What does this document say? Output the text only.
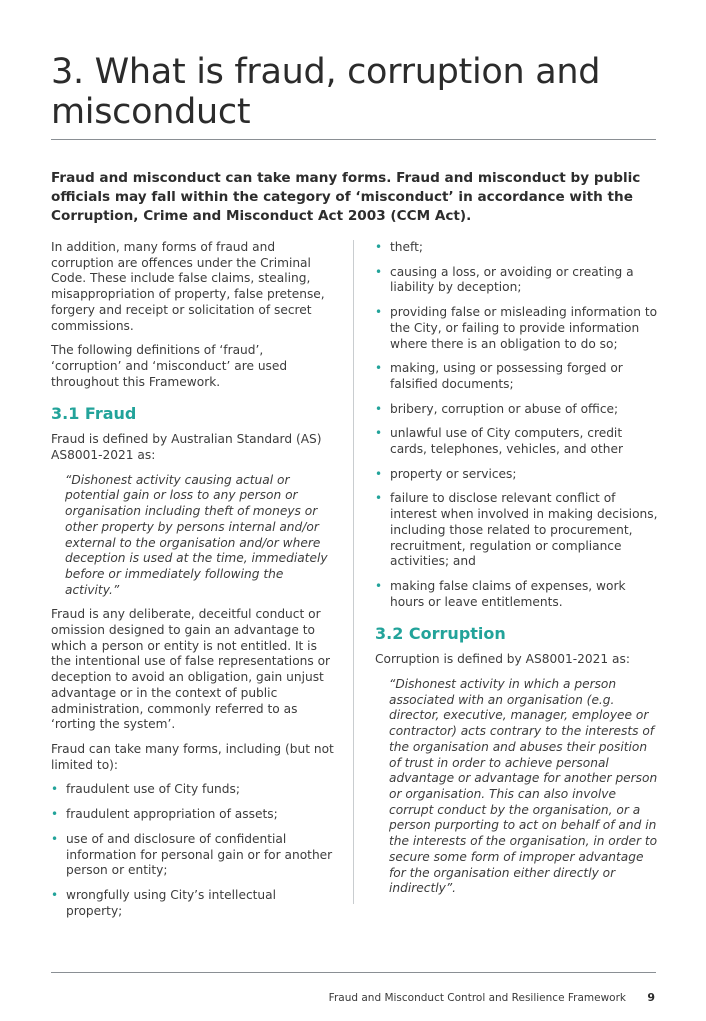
3. What is fraud, corruption and misconduct

Fraud and misconduct can take many forms. Fraud and misconduct by public officials may fall within the category of ‘misconduct’ in accordance with the Corruption, Crime and Misconduct Act 2003 (CCM Act).

In addition, many forms of fraud and corruption are offences under the Criminal Code. These include false claims, stealing, misappropriation of property, false pretense, forgery and receipt or solicitation of secret commissions.

The following definitions of ‘fraud’, ‘corruption’ and ‘misconduct’ are used throughout this Framework.

3.1 Fraud

Fraud is defined by Australian Standard (AS) AS8001-2021 as:

“Dishonest activity causing actual or potential gain or loss to any person or organisation including theft of moneys or other property by persons internal and/or external to the organisation and/or where deception is used at the time, immediately before or immediately following the activity.”

Fraud is any deliberate, deceitful conduct or omission designed to gain an advantage to which a person or entity is not entitled. It is the intentional use of false representations or deception to avoid an obligation, gain unjust advantage or in the context of public administration, commonly referred to as ‘rorting the system’.

Fraud can take many forms, including (but not limited to):

• fraudulent use of City funds;
• fraudulent appropriation of assets;
• use of and disclosure of confidential information for personal gain or for another person or entity;
• wrongfully using City’s intellectual property;
• theft;
• causing a loss, or avoiding or creating a liability by deception;
• providing false or misleading information to the City, or failing to provide information where there is an obligation to do so;
• making, using or possessing forged or falsified documents;
• bribery, corruption or abuse of office;
• unlawful use of City computers, credit cards, telephones, vehicles, and other
• property or services;
• failure to disclose relevant conflict of interest when involved in making decisions, including those related to procurement, recruitment, regulation or compliance activities; and
• making false claims of expenses, work hours or leave entitlements.
3.2 Corruption

Corruption is defined by AS8001-2021 as:

“Dishonest activity in which a person associated with an organisation (e.g. director, executive, manager, employee or contractor) acts contrary to the interests of the organisation and abuses their position of trust in order to achieve personal advantage or advantage for another person or organisation. This can also involve corrupt conduct by the organisation, or a person purporting to act on behalf of and in the interests of the organisation, in order to secure some form of improper advantage for the organisation either directly or indirectly”.

Fraud and Misconduct Control and Resilience Framework 9
